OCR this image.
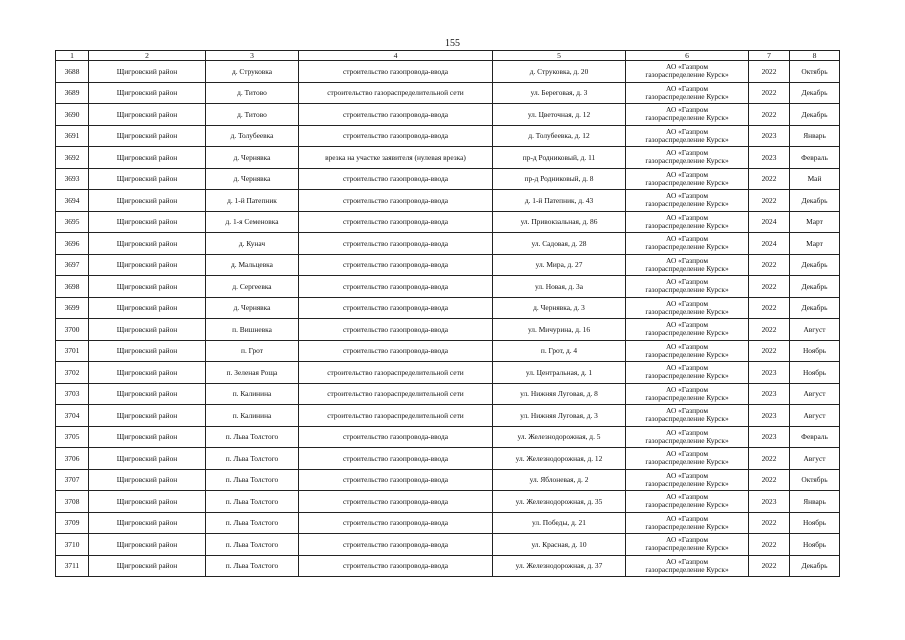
155
1	2	3	4	5	6	7	8
3688	Щигровский район	д. Струковка	строительство газопровода-ввода	д. Струковка, д. 20	АО «Газпром
газораспределение Курск»	2022	Октябрь
3689	Щигровский район	д. Титово	строительство газораспределительной сети	ул. Береговая, д. 3	АО «Газпром
газораспределение Курск»	2022	Декабрь
3690	Щигровский район	д. Титово	строительство газопровода-ввода	ул. Цветочная, д. 12	АО «Газпром
газораспределение Курск»	2022	Декабрь
3691	Щигровский район	д. Толубеевка	строительство газопровода-ввода	д. Толубеевка, д. 12	АО «Газпром
газораспределение Курск»	2023	Январь
3692	Щигровский район	д. Чернявка	врезка на участке заявителя (нулевая врезка)	пр-д Родниковый, д. 11	АО «Газпром
газораспределение Курск»	2023	Февраль
3693	Щигровский район	д. Чернявка	строительство газопровода-ввода	пр-д Родниковый, д. 8	АО «Газпром
газораспределение Курск»	2022	Май
3694	Щигровский район	д. 1-й Патепник	строительство газопровода-ввода	д. 1-й Патепник, д. 43	АО «Газпром
газораспределение Курск»	2022	Декабрь
3695	Щигровский район	д. 1-я Семеновка	строительство газопровода-ввода	ул. Привокзальная, д. 86	АО «Газпром
газораспределение Курск»	2024	Март
3696	Щигровский район	д. Кунач	строительство газопровода-ввода	ул. Садовая, д. 28	АО «Газпром
газораспределение Курск»	2024	Март
3697	Щигровский район	д. Мальцевка	строительство газопровода-ввода	ул. Мира, д. 27	АО «Газпром
газораспределение Курск»	2022	Декабрь
3698	Щигровский район	д. Сергеевка	строительство газопровода-ввода	ул. Новая, д. 3а	АО «Газпром
газораспределение Курск»	2022	Декабрь
3699	Щигровский район	д. Чернявка	строительство газопровода-ввода	д. Чернявка, д. 3	АО «Газпром
газораспределение Курск»	2022	Декабрь
3700	Щигровский район	п. Вишневка	строительство газопровода-ввода	ул. Мичурина, д. 16	АО «Газпром
газораспределение Курск»	2022	Август
3701	Щигровский район	п. Грот	строительство газопровода-ввода	п. Грот, д. 4	АО «Газпром
газораспределение Курск»	2022	Ноябрь
3702	Щигровский район	п. Зеленая Роща	строительство газораспределительной сети	ул. Центральная, д. 1	АО «Газпром
газораспределение Курск»	2023	Ноябрь
3703	Щигровский район	п. Калинина	строительство газораспределительной сети	ул. Нижняя Луговая, д. 8	АО «Газпром
газораспределение Курск»	2023	Август
3704	Щигровский район	п. Калинина	строительство газораспределительной сети	ул. Нижняя Луговая, д. 3	АО «Газпром
газораспределение Курск»	2023	Август
3705	Щигровский район	п. Льва Толстого	строительство газопровода-ввода	ул. Железнодорожная, д. 5	АО «Газпром
газораспределение Курск»	2023	Февраль
3706	Щигровский район	п. Льва Толстого	строительство газопровода-ввода	ул. Железнодорожная, д. 12	АО «Газпром
газораспределение Курск»	2022	Август
3707	Щигровский район	п. Льва Толстого	строительство газопровода-ввода	ул. Яблоневая, д. 2	АО «Газпром
газораспределение Курск»	2022	Октябрь
3708	Щигровский район	п. Льва Толстого	строительство газопровода-ввода	ул. Железнодорожная, д. 35	АО «Газпром
газораспределение Курск»	2023	Январь
3709	Щигровский район	п. Льва Толстого	строительство газопровода-ввода	ул. Победы, д. 21	АО «Газпром
газораспределение Курск»	2022	Ноябрь
3710	Щигровский район	п. Льва Толстого	строительство газопровода-ввода	ул. Красная, д. 10	АО «Газпром
газораспределение Курск»	2022	Ноябрь
3711	Щигровский район	п. Льва Толстого	строительство газопровода-ввода	ул. Железнодорожная, д. 37	АО «Газпром
газораспределение Курск»	2022	Декабрь
